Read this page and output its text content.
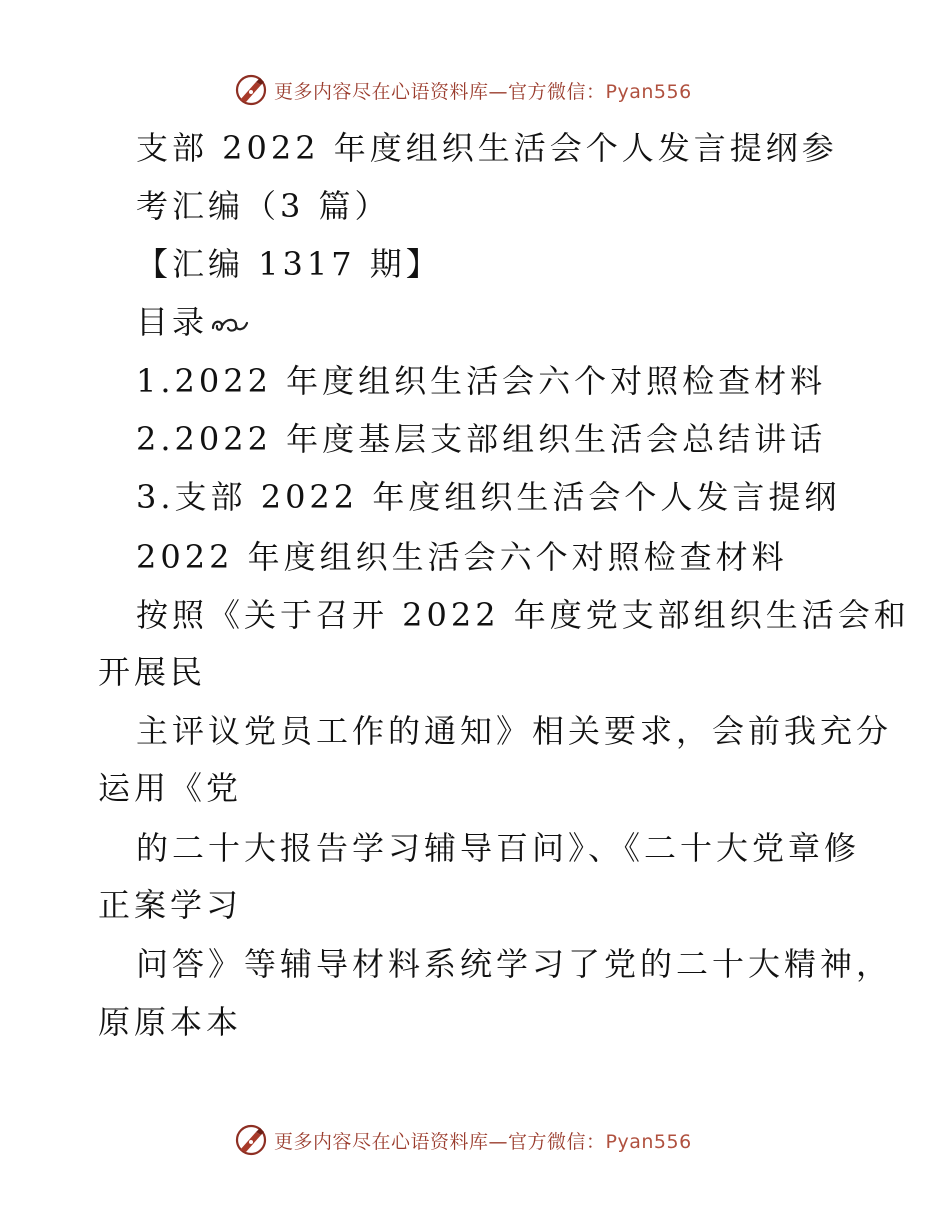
更多内容尽在心语资料库—官方微信：Pyan556
支部 2022 年度组织生活会个人发言提纲参
考汇编（3 篇）
【汇编 1317 期】
目录
1.2022 年度组织生活会六个对照检查材料
2.2022 年度基层支部组织生活会总结讲话
3.支部 2022 年度组织生活会个人发言提纲
2022 年度组织生活会六个对照检查材料
按照《关于召开 2022 年度党支部组织生活会和
开展民
主评议党员工作的通知》相关要求，会前我充分
运用《党
的二十大报告学习辅导百问》、《二十大党章修
正案学习
问答》等辅导材料系统学习了党的二十大精神，
原原本本
更多内容尽在心语资料库—官方微信：Pyan556
